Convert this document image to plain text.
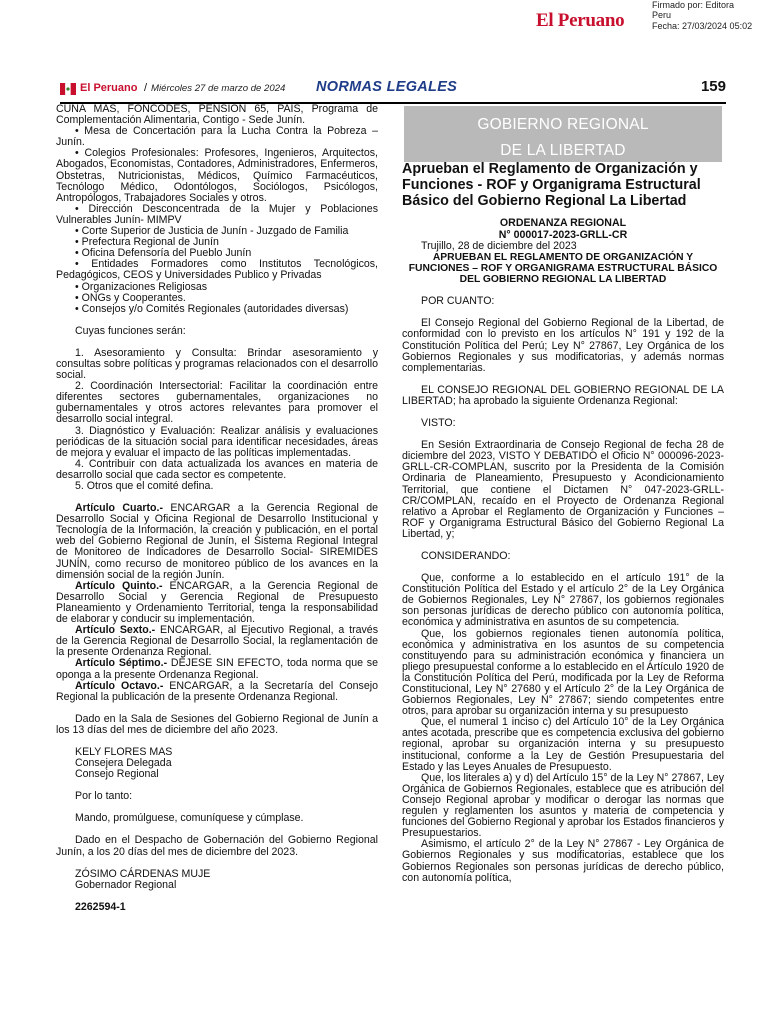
El Peruano
Firmado por: Editora
Peru
Fecha: 27/03/2024 05:02
El Peruano / Miércoles 27 de marzo de 2024 NORMAS LEGALES	159

CUNA MAS, FONCODES, PENSIÓN 65, PAIS, Programa de Complementación Alimentaria, Contigo - Sede Junín.

• Mesa de Concertación para la Lucha Contra la Pobreza – Junín.

• Colegios Profesionales: Profesores, Ingenieros, Arquitectos, Abogados, Economistas, Contadores, Administradores, Enfermeros, Obstetras, Nutricionistas, Médicos, Químico Farmacéuticos, Tecnólogo Médico, Odontólogos, Sociólogos, Psicólogos, Antropólogos, Trabajadores Sociales y otros.

• Dirección Desconcentrada de la Mujer y Poblaciones Vulnerables Junín- MIMPV

• Corte Superior de Justicia de Junín - Juzgado de Familia

• Prefectura Regional de Junín

• Oficina Defensoría del Pueblo Junín

• Entidades Formadores como Institutos Tecnológicos, Pedagógicos, CEOS y Universidades Publico y Privadas

• Organizaciones Religiosas

• ONGs y Cooperantes.

• Consejos y/o Comités Regionales (autoridades diversas)

Cuyas funciones serán:

1. Asesoramiento y Consulta: Brindar asesoramiento y consultas sobre políticas y programas relacionados con el desarrollo social.

2. Coordinación Intersectorial: Facilitar la coordinación entre diferentes sectores gubernamentales, organizaciones no gubernamentales y otros actores relevantes para promover el desarrollo social integral.

3. Diagnóstico y Evaluación: Realizar análisis y evaluaciones periódicas de la situación social para identificar necesidades, áreas de mejora y evaluar el impacto de las políticas implementadas.

4. Contribuir con data actualizada los avances en materia de desarrollo social que cada sector es competente.

5. Otros que el comité defina.

Artículo Cuarto.- ENCARGAR a la Gerencia Regional de Desarrollo Social y Oficina Regional de Desarrollo Institucional y Tecnología de la Información, la creación y publicación, en el portal web del Gobierno Regional de Junín, el Sistema Regional Integral de Monitoreo de Indicadores de Desarrollo Social- SIREMIDES JUNÍN, como recurso de monitoreo público de los avances en la dimensión social de la región Junín.

Artículo Quinto.- ENCARGAR, a la Gerencia Regional de Desarrollo Social y Gerencia Regional de Presupuesto Planeamiento y Ordenamiento Territorial, tenga la responsabilidad de elaborar y conducir su implementación.

Artículo Sexto.- ENCARGAR, al Ejecutivo Regional, a través de la Gerencia Regional de Desarrollo Social, la reglamentación de la presente Ordenanza Regional.

Artículo Séptimo.- DÉJESE SIN EFECTO, toda norma que se oponga a la presente Ordenanza Regional.

Artículo Octavo.- ENCARGAR, a la Secretaría del Consejo Regional la publicación de la presente Ordenanza Regional.

Dado en la Sala de Sesiones del Gobierno Regional de Junín a los 13 días del mes de diciembre del año 2023.

KELY FLORES MAS

Consejera Delegada

Consejo Regional

Por lo tanto:

Mando, promúlguese, comuníquese y cúmplase.

Dado en el Despacho de Gobernación del Gobierno Regional Junín, a los 20 días del mes de diciembre del 2023.

ZÓSIMO CÁRDENAS MUJE

Gobernador Regional

2262594-1

GOBIERNO REGIONAL
DE LA LIBERTAD

Aprueban el Reglamento de Organización y Funciones - ROF y Organigrama Estructural Básico del Gobierno Regional La Libertad

ORDENANZA REGIONAL
N° 000017-2023-GRLL-CR

Trujillo, 28 de diciembre del 2023

APRUEBAN EL REGLAMENTO DE ORGANIZACIÓN Y FUNCIONES – ROF Y ORGANIGRAMA ESTRUCTURAL BÁSICO DEL GOBIERNO REGIONAL LA LIBERTAD

POR CUANTO:

El Consejo Regional del Gobierno Regional de la Libertad, de conformidad con lo previsto en los artículos N° 191 y 192 de la Constitución Política del Perú; Ley N° 27867, Ley Orgánica de los Gobiernos Regionales y sus modificatorias, y además normas complementarias.

EL CONSEJO REGIONAL DEL GOBIERNO REGIONAL DE LA LIBERTAD; ha aprobado la siguiente Ordenanza Regional:

VISTO:

En Sesión Extraordinaria de Consejo Regional de fecha 28 de diciembre del 2023, VISTO Y DEBATIDO el Oficio N° 000096-2023-GRLL-CR-COMPLAN, suscrito por la Presidenta de la Comisión Ordinaria de Planeamiento, Presupuesto y Acondicionamiento Territorial, que contiene el Dictamen N° 047-2023-GRLL-CR/COMPLAN, recaído en el Proyecto de Ordenanza Regional relativo a Aprobar el Reglamento de Organización y Funciones – ROF y Organigrama Estructural Básico del Gobierno Regional La Libertad, y;

CONSIDERANDO:

Que, conforme a lo establecido en el artículo 191° de la Constitución Política del Estado y el artículo 2° de la Ley Orgánica de Gobiernos Regionales, Ley N° 27867, los gobiernos regionales son personas jurídicas de derecho público con autonomía política, económica y administrativa en asuntos de su competencia.

Que, los gobiernos regionales tienen autonomía política, económica y administrativa en los asuntos de su competencia constituyendo para su administración económica y financiera un pliego presupuestal conforme a lo establecido en el Artículo 1920 de la Constitución Política del Perú, modificada por la Ley de Reforma Constitucional, Ley N° 27680 y el Artículo 2° de la Ley Orgánica de Gobiernos Regionales, Ley N° 27867; siendo competentes entre otros, para aprobar su organización interna y su presupuesto

Que, el numeral 1 inciso c) del Artículo 10° de la Ley Orgánica antes acotada, prescribe que es competencia exclusiva del gobierno regional, aprobar su organización interna y su presupuesto institucional, conforme a la Ley de Gestión Presupuestaria del Estado y las Leyes Anuales de Presupuesto.

Que, los literales a) y d) del Artículo 15° de la Ley N° 27867, Ley Orgánica de Gobiernos Regionales, establece que es atribución del Consejo Regional aprobar y modificar o derogar las normas que regulen y reglamenten los asuntos y materia de competencia y funciones del Gobierno Regional y aprobar los Estados financieros y Presupuestarios.

Asimismo, el artículo 2° de la Ley N° 27867 - Ley Orgánica de Gobiernos Regionales y sus modificatorias, establece que los Gobiernos Regionales son personas jurídicas de derecho público, con autonomía política,
